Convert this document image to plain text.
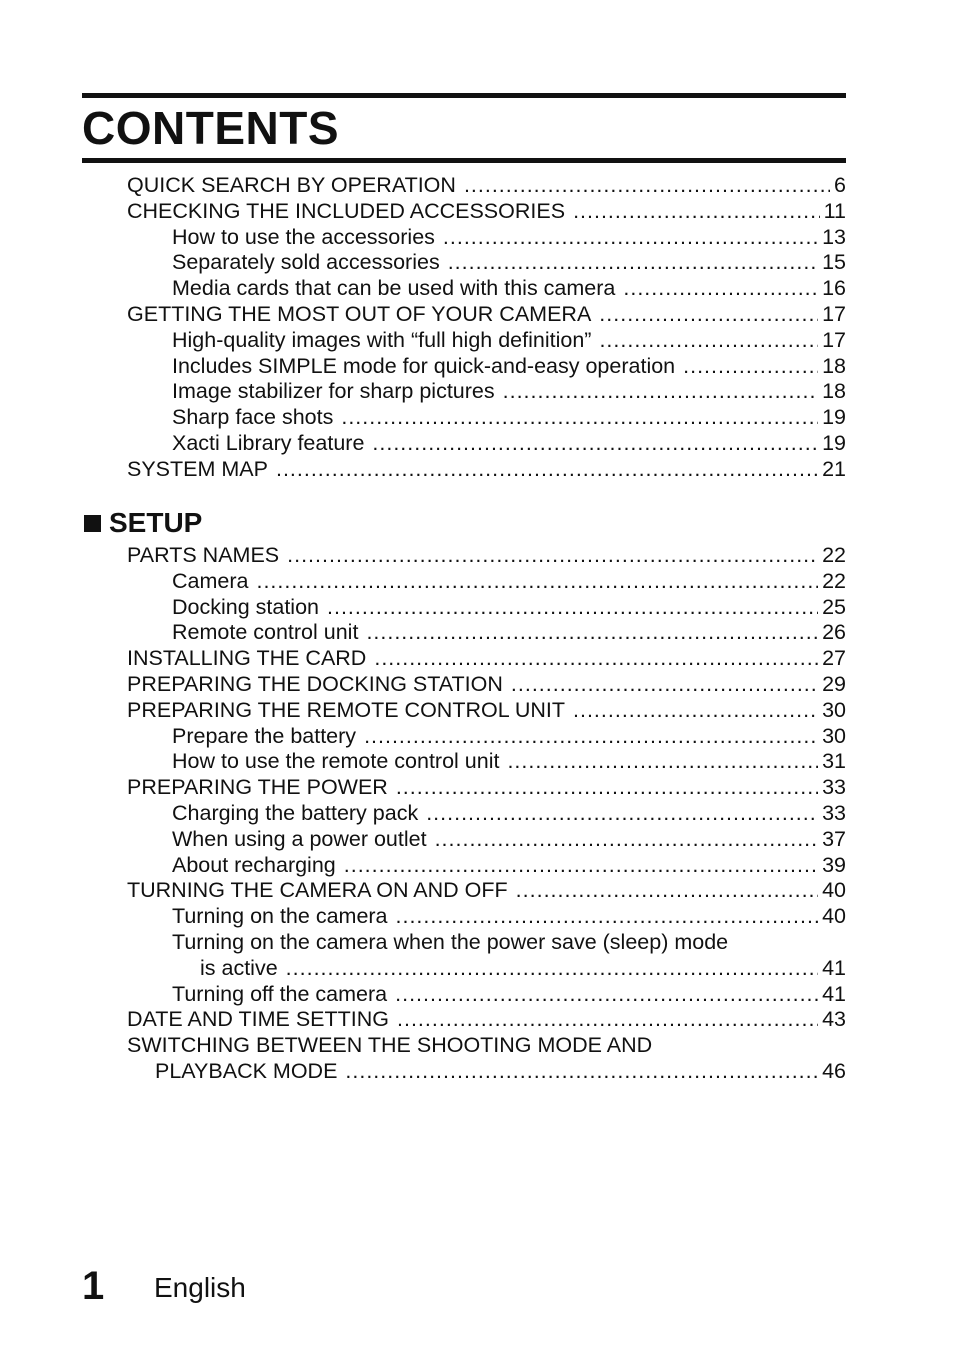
CONTENTS
QUICK SEARCH BY OPERATION .....	6
CHECKING THE INCLUDED ACCESSORIES .....	11
How to use the accessories .....	13
Separately sold accessories .....	15
Media cards that can be used with this camera .....	16
GETTING THE MOST OUT OF YOUR CAMERA .....	17
High-quality images with “full high definition” .....	17
Includes SIMPLE mode for quick-and-easy operation .....	18
Image stabilizer for sharp pictures .....	18
Sharp face shots .....	19
Xacti Library feature .....	19
SYSTEM MAP .....	21
SETUP
PARTS NAMES .....	22
Camera .....	22
Docking station .....	25
Remote control unit .....	26
INSTALLING THE CARD .....	27
PREPARING THE DOCKING STATION .....	29
PREPARING THE REMOTE CONTROL UNIT .....	30
Prepare the battery .....	30
How to use the remote control unit .....	31
PREPARING THE POWER .....	33
Charging the battery pack .....	33
When using a power outlet .....	37
About recharging .....	39
TURNING THE CAMERA ON AND OFF .....	40
Turning on the camera .....	40
Turning on the camera when the power save (sleep) mode
is active .....	41
Turning off the camera .....	41
DATE AND TIME SETTING .....	43
SWITCHING BETWEEN THE SHOOTING MODE AND
PLAYBACK MODE .....	46
1 English
